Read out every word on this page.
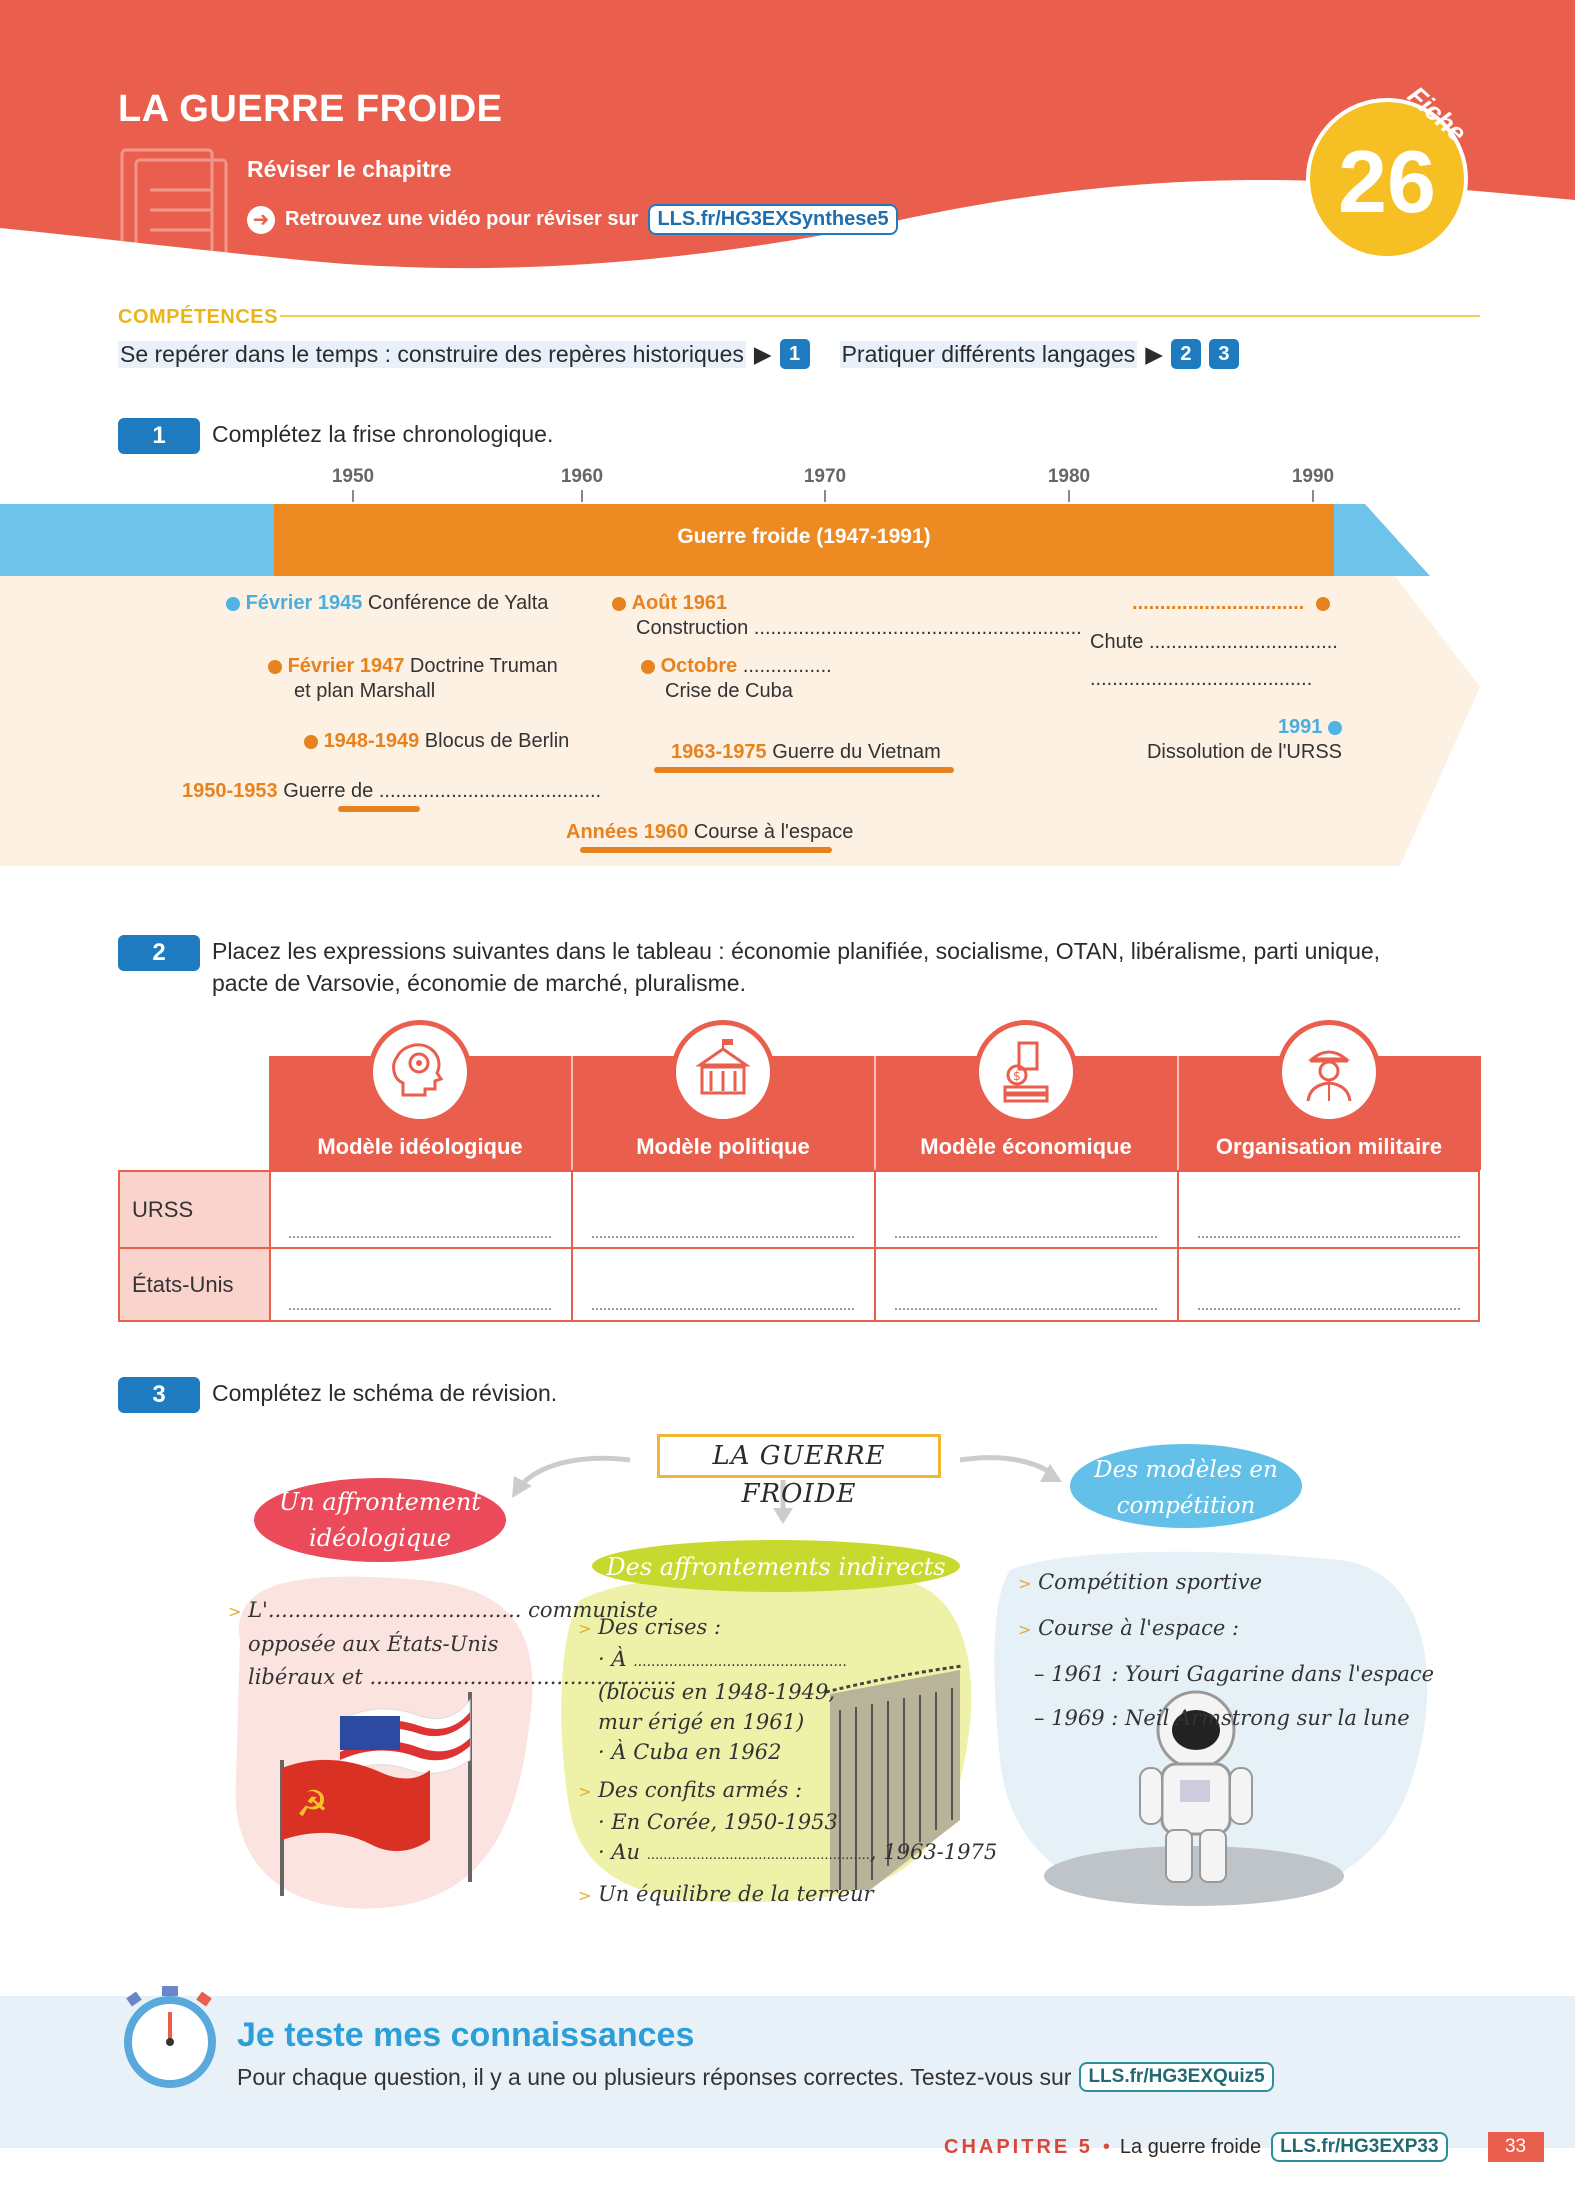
LA GUERRE FROIDE
Réviser le chapitre
➜ Retrouvez une vidéo pour réviser sur LLS.fr/HG3EXSynthese5	26
Fiche
COMPÉTENCES
Se repérer dans le temps : construire des repères historiques ▶ 1	Pratiquer différents langages ▶ 2	3
1	Complétez la frise chronologique.
1950	1960	1970	1980	1990
Guerre froide (1947-1991)
Février 1945 Conférence de Yalta
Février 1947 Doctrine Truman
et plan Marshall
1948-1949 Blocus de Berlin
1950-1953 Guerre de ........................................
Août 1961
Construction ...........................................................
Octobre ................
Crise de Cuba
1963-1975 Guerre du Vietnam
Années 1960 Course à l'espace
...............................
Chute ..................................
........................................
1991
Dissolution de l'URSS
2	Placez les expressions suivantes dans le tableau : économie planifiée, socialisme, OTAN, libéralisme, parti unique, pacte de Varsovie, économie de marché, pluralisme.
Modèle idéologique	Modèle politique	Modèle économique	Organisation militaire
$
URSS
États-Unis
3	Complétez le schéma de révision.
☭
LA GUERRE FROIDE
Un affrontement idéologique
> L'...................................... communiste
opposée aux États-Unis
libéraux et ..............................................
Des affrontements indirects
> Des crises :
· À ................................................
(blocus en 1948-1949,
mur érigé en 1961)
· À Cuba en 1962
> Des confits armés :
· En Corée, 1950-1953
· Au ......................................................, 1963-1975
> Un équilibre de la terreur
Des modèles en compétition
> Compétition sportive
> Course à l'espace :
– 1961 : Youri Gagarine dans l'espace
– 1969 : Neil Armstrong sur la lune
Je teste mes connaissances
Pour chaque question, il y a une ou plusieurs réponses correctes. Testez-vous sur LLS.fr/HG3EXQuiz5
CHAPITRE 5 • La guerre froide	LLS.fr/HG3EXP33	33
